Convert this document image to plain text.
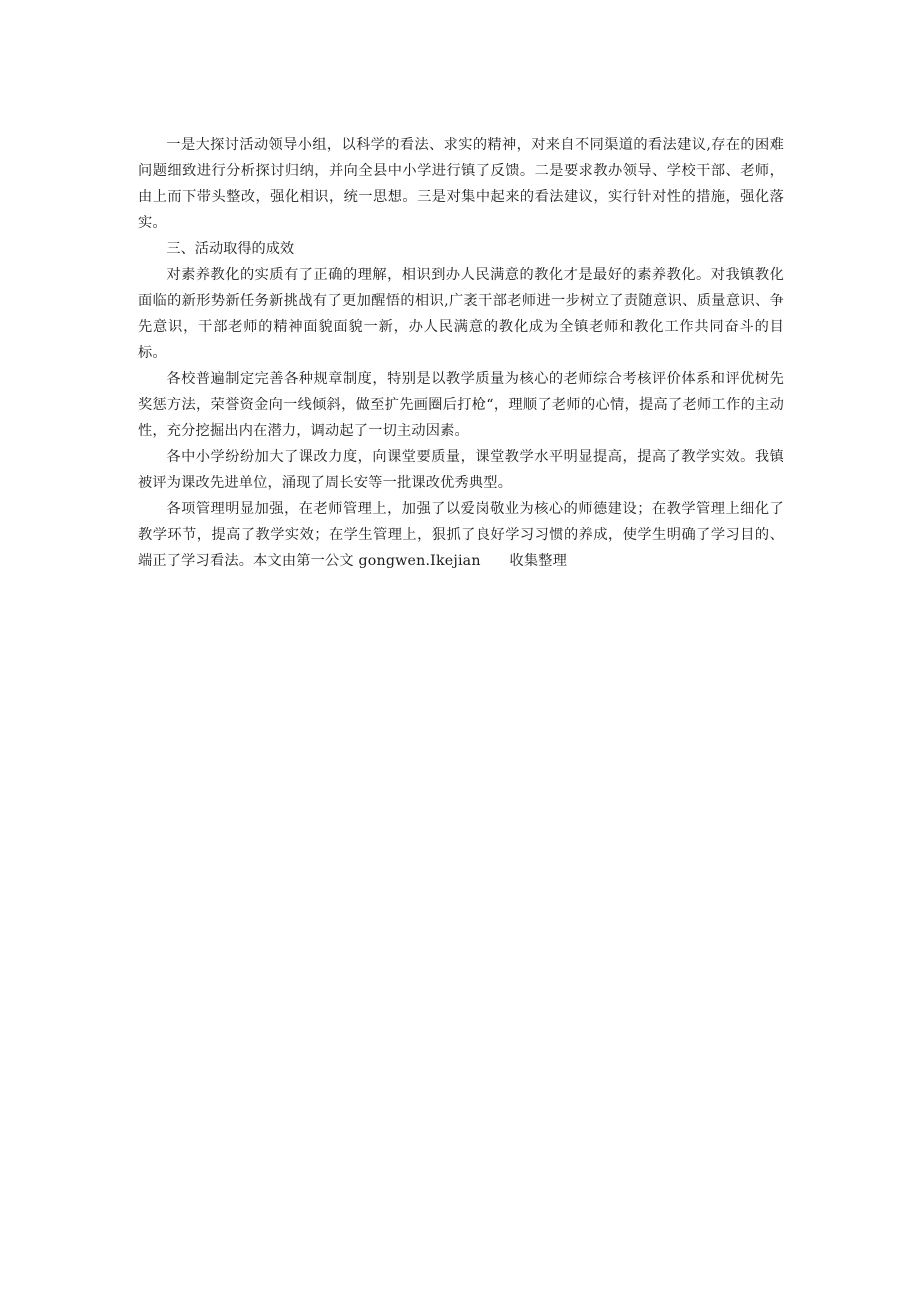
一是大探讨活动领导小组，以科学的看法、求实的精神，对来自不同渠道的看法建议,存在的困难问题细致进行分析探讨归纳，并向全县中小学进行镇了反馈。二是要求教办领导、学校干部、老师，由上而下带头整改，强化相识，统一思想。三是对集中起来的看法建议，实行针对性的措施，强化落实。

三、活动取得的成效

对素养教化的实质有了正确的理解，相识到办人民满意的教化才是最好的素养教化。对我镇教化面临的新形势新任务新挑战有了更加醒悟的相识,广袤干部老师进一步树立了责随意识、质量意识、争先意识，干部老师的精神面貌面貌一新，办人民满意的教化成为全镇老师和教化工作共同奋斗的目标。

各校普遍制定完善各种规章制度，特别是以教学质量为核心的老师综合考核评价体系和评优树先奖惩方法，荣誉资金向一线倾斜，做至扩先画圈后打枪“，理顺了老师的心情，提高了老师工作的主动性，充分挖掘出内在潜力，调动起了一切主动因素。

各中小学纷纷加大了课改力度，向课堂要质量，课堂教学水平明显提高，提高了教学实效。我镇被评为课改先进单位，涌现了周长安等一批课改优秀典型。

各项管理明显加强，在老师管理上，加强了以爱岗敬业为核心的师德建设；在教学管理上细化了教学环节，提高了教学实效；在学生管理上，狠抓了良好学习习惯的养成，使学生明确了学习目的、端正了学习看法。本文由第一公文 gongwen.Ikejian　　收集整理
